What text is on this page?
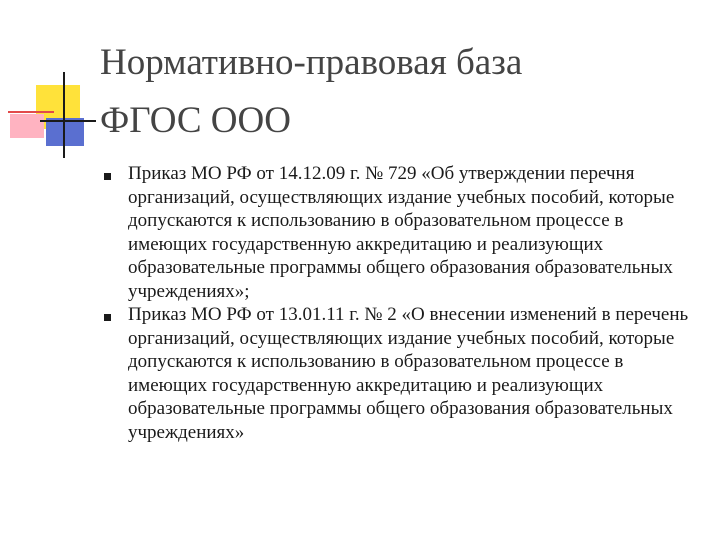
Нормативно-правовая база
ФГОС ООО
Приказ МО РФ от 14.12.09 г. № 729 «Об утверждении перечня организаций, осуществляющих издание учебных пособий, которые допускаются к использованию в образовательном процессе в имеющих государственную аккредитацию и реализующих образовательные программы общего образования образовательных учреждениях»;
Приказ МО РФ от 13.01.11 г. № 2 «О внесении изменений в перечень организаций, осуществляющих издание учебных пособий, которые допускаются к использованию в образовательном процессе в имеющих государственную аккредитацию и реализующих образовательные программы общего образования образовательных учреждениях»
